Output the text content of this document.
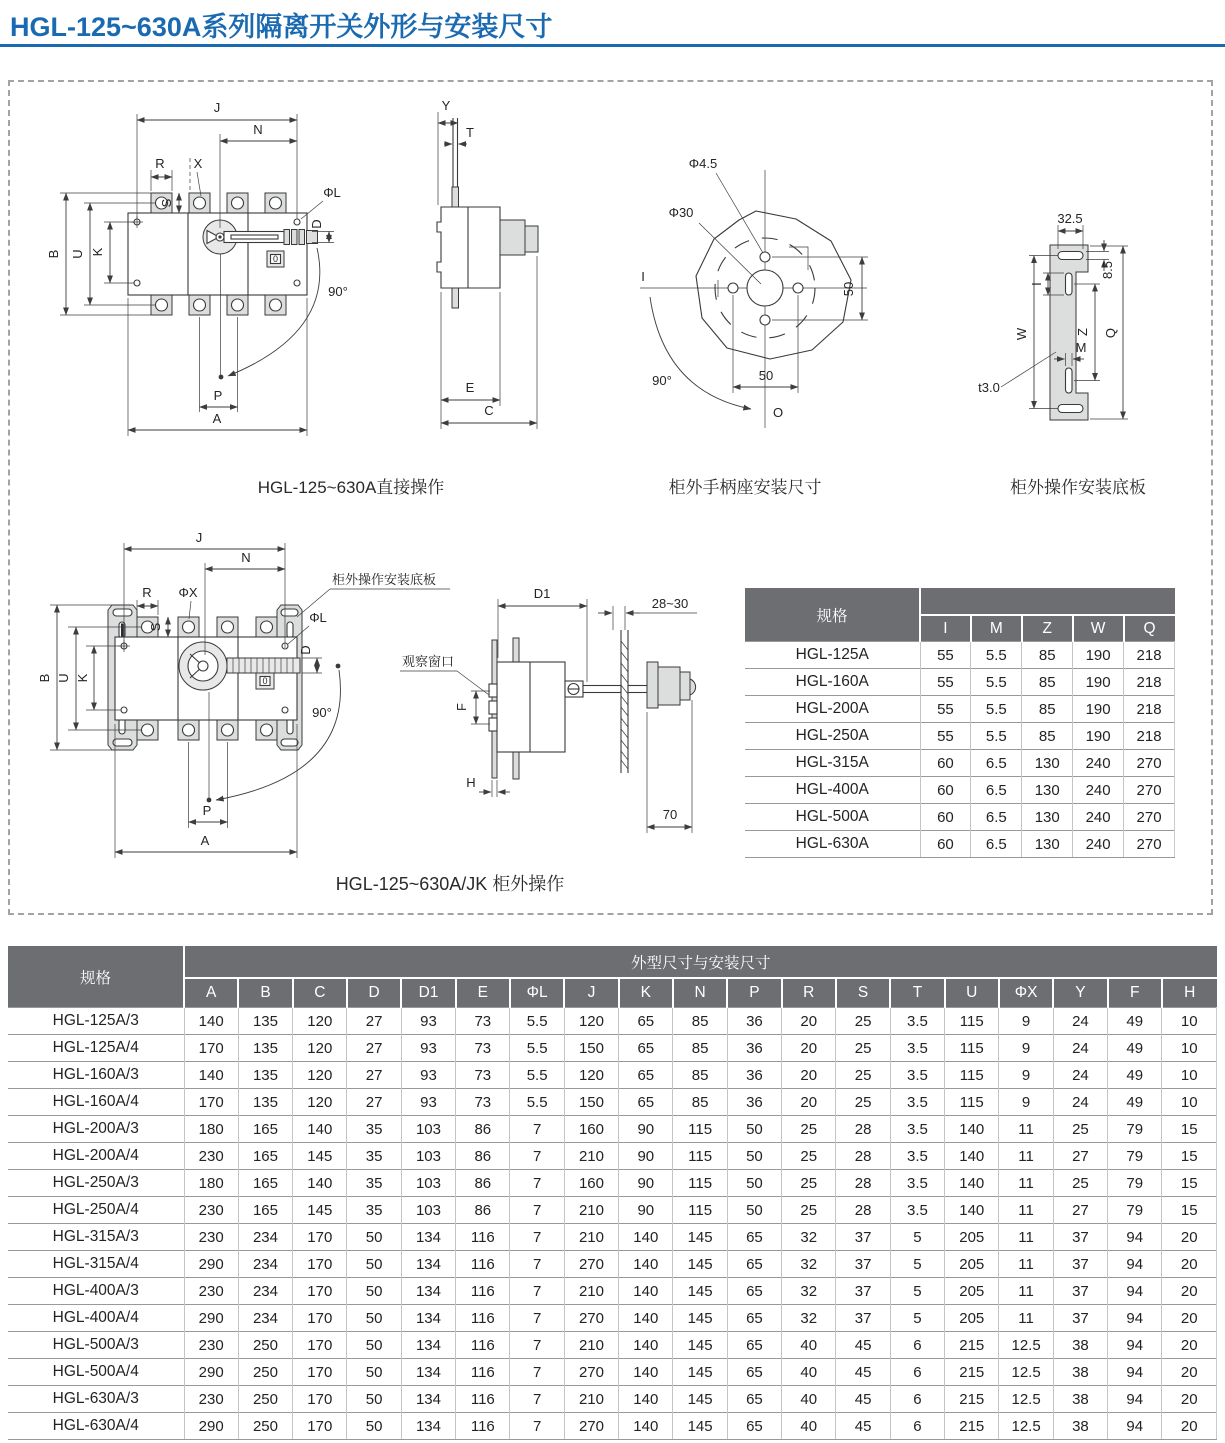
HGL-125~630A系列隔离开关外形与安装尺寸
0
J
N
R X
S
B U K
ΦL
D
90°
P
A
Y
T
E
C
Φ4.5
Φ30
50
50
I
O
90°
32.5
8.5
W
I
Z
M
Q
t3.0
0
J
N
R ΦX
S
B U K
ΦL
D
90°
P
A
柜外操作安装底板
观察窗口
F
D1
28~30
H
70
HGL-125~630A直接操作	柜外手柄座安装尺寸	柜外操作安装底板
HGL-125~630A/JK 柜外操作
规格					
	I	M	Z	W	Q
HGL-125A	55	5.5	85	190	218
HGL-160A	55	5.5	85	190	218
HGL-200A	55	5.5	85	190	218
HGL-250A	55	5.5	85	190	218
HGL-315A	60	6.5	130	240	270
HGL-400A	60	6.5	130	240	270
HGL-500A	60	6.5	130	240	270
HGL-630A	60	6.5	130	240	270
规格	外型尺寸与安装尺寸																		
	A	B	C	D	D1	E	ΦL	J	K	N	P	R	S	T	U	ΦX	Y	F	H
HGL-125A/3	140	135	120	27	93	73	5.5	120	65	85	36	20	25	3.5	115	9	24	49	10
HGL-125A/4	170	135	120	27	93	73	5.5	150	65	85	36	20	25	3.5	115	9	24	49	10
HGL-160A/3	140	135	120	27	93	73	5.5	120	65	85	36	20	25	3.5	115	9	24	49	10
HGL-160A/4	170	135	120	27	93	73	5.5	150	65	85	36	20	25	3.5	115	9	24	49	10
HGL-200A/3	180	165	140	35	103	86	7	160	90	115	50	25	28	3.5	140	11	25	79	15
HGL-200A/4	230	165	145	35	103	86	7	210	90	115	50	25	28	3.5	140	11	27	79	15
HGL-250A/3	180	165	140	35	103	86	7	160	90	115	50	25	28	3.5	140	11	25	79	15
HGL-250A/4	230	165	145	35	103	86	7	210	90	115	50	25	28	3.5	140	11	27	79	15
HGL-315A/3	230	234	170	50	134	116	7	210	140	145	65	32	37	5	205	11	37	94	20
HGL-315A/4	290	234	170	50	134	116	7	270	140	145	65	32	37	5	205	11	37	94	20
HGL-400A/3	230	234	170	50	134	116	7	210	140	145	65	32	37	5	205	11	37	94	20
HGL-400A/4	290	234	170	50	134	116	7	270	140	145	65	32	37	5	205	11	37	94	20
HGL-500A/3	230	250	170	50	134	116	7	210	140	145	65	40	45	6	215	12.5	38	94	20
HGL-500A/4	290	250	170	50	134	116	7	270	140	145	65	40	45	6	215	12.5	38	94	20
HGL-630A/3	230	250	170	50	134	116	7	210	140	145	65	40	45	6	215	12.5	38	94	20
HGL-630A/4	290	250	170	50	134	116	7	270	140	145	65	40	45	6	215	12.5	38	94	20
